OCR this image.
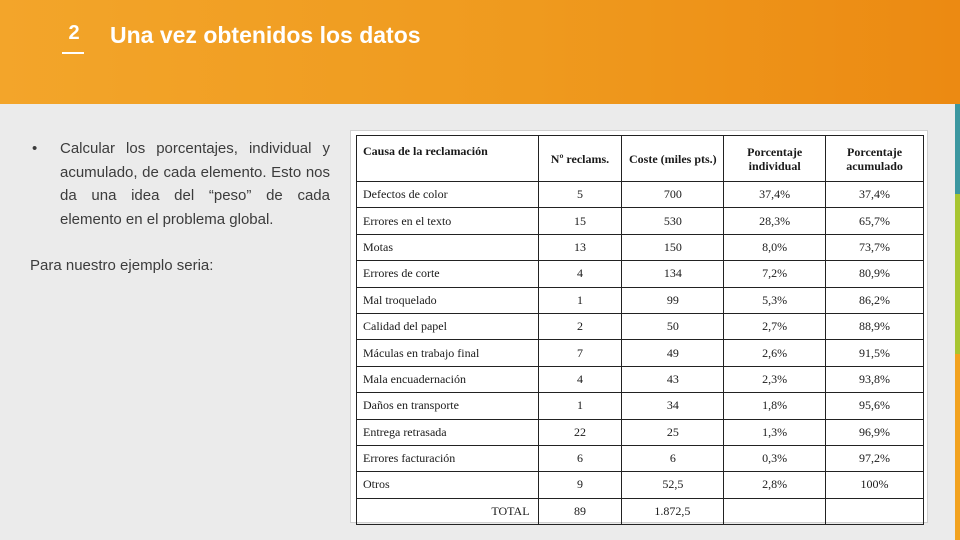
2 Una vez obtenidos los datos
•	Calcular los porcentajes, individual y acumulado, de cada elemento. Esto nos da una idea del “peso” de cada elemento en el problema global.
Para nuestro ejemplo seria:
Causa de la reclamación	Nº reclams.	Coste (miles pts.)	Porcentaje individual	Porcentaje acumulado
Defectos de color	5	700	37,4%	37,4%
Errores en el texto	15	530	28,3%	65,7%
Motas	13	150	8,0%	73,7%
Errores de corte	4	134	7,2%	80,9%
Mal troquelado	1	99	5,3%	86,2%
Calidad del papel	2	50	2,7%	88,9%
Máculas en trabajo final	7	49	2,6%	91,5%
Mala encuadernación	4	43	2,3%	93,8%
Daños en transporte	1	34	1,8%	95,6%
Entrega retrasada	22	25	1,3%	96,9%
Errores facturación	6	6	0,3%	97,2%
Otros	9	52,5	2,8%	100%
TOTAL	89	1.872,5		
